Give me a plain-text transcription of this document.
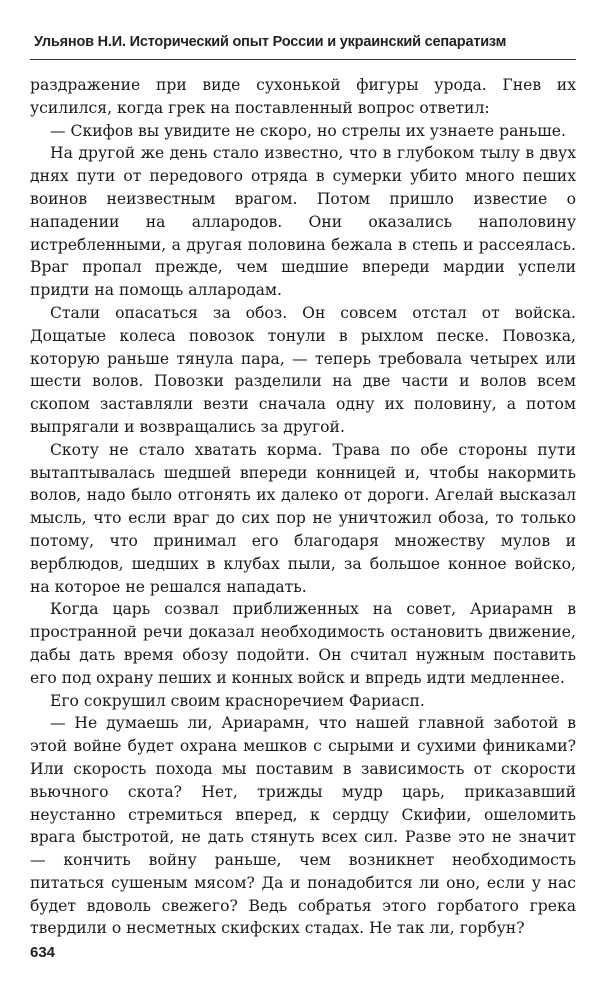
Ульянов Н.И. Исторический опыт России и украинский сепаратизм

раздражение при виде сухонькой фигуры урода. Гнев их усилился, когда грек на поставленный вопрос ответил:

— Скифов вы увидите не скоро, но стрелы их узнаете раньше.

На другой же день стало известно, что в глубоком тылу в двух днях пути от передового отряда в сумерки убито много пеших воинов неизвестным врагом. Потом пришло известие о нападении на аллародов. Они оказались наполовину истребленными, а другая половина бежала в степь и рассеялась. Враг пропал прежде, чем шедшие впереди мардии успели придти на помощь аллародам.

Стали опасаться за обоз. Он совсем отстал от войска. Дощатые колеса повозок тонули в рыхлом песке. Повозка, которую раньше тянула пара, — теперь требовала четырех или шести волов. Повозки разделили на две части и волов всем скопом заставляли везти сначала одну их половину, а потом выпрягали и возвращались за другой.

Скоту не стало хватать корма. Трава по обе стороны пути вытаптывалась шедшей впереди конницей и, чтобы накормить волов, надо было отгонять их далеко от дороги. Агелай высказал мысль, что если враг до сих пор не уничтожил обоза, то только потому, что принимал его благодаря множеству мулов и верблюдов, шедших в клубах пыли, за большое конное войско, на которое не решался нападать.

Когда царь созвал приближенных на совет, Ариарамн в пространной речи доказал необходимость остановить движение, дабы дать время обозу подойти. Он считал нужным поставить его под охрану пеших и конных войск и впредь идти медленнее.

Его сокрушил своим красноречием Фариасп.

— Не думаешь ли, Ариарамн, что нашей главной заботой в этой войне будет охрана мешков с сырыми и сухими финиками? Или скорость похода мы поставим в зависимость от скорости вьючного скота? Нет, трижды мудр царь, приказавший неустанно стремиться вперед, к сердцу Скифии, ошеломить врага быстротой, не дать стянуть всех сил. Разве это не значит — кончить войну раньше, чем возникнет необходимость питаться сушеным мясом? Да и понадобится ли оно, если у нас будет вдоволь свежего? Ведь собратья этого горбатого грека твердили о несметных скифских стадах. Не так ли, горбун?

634
